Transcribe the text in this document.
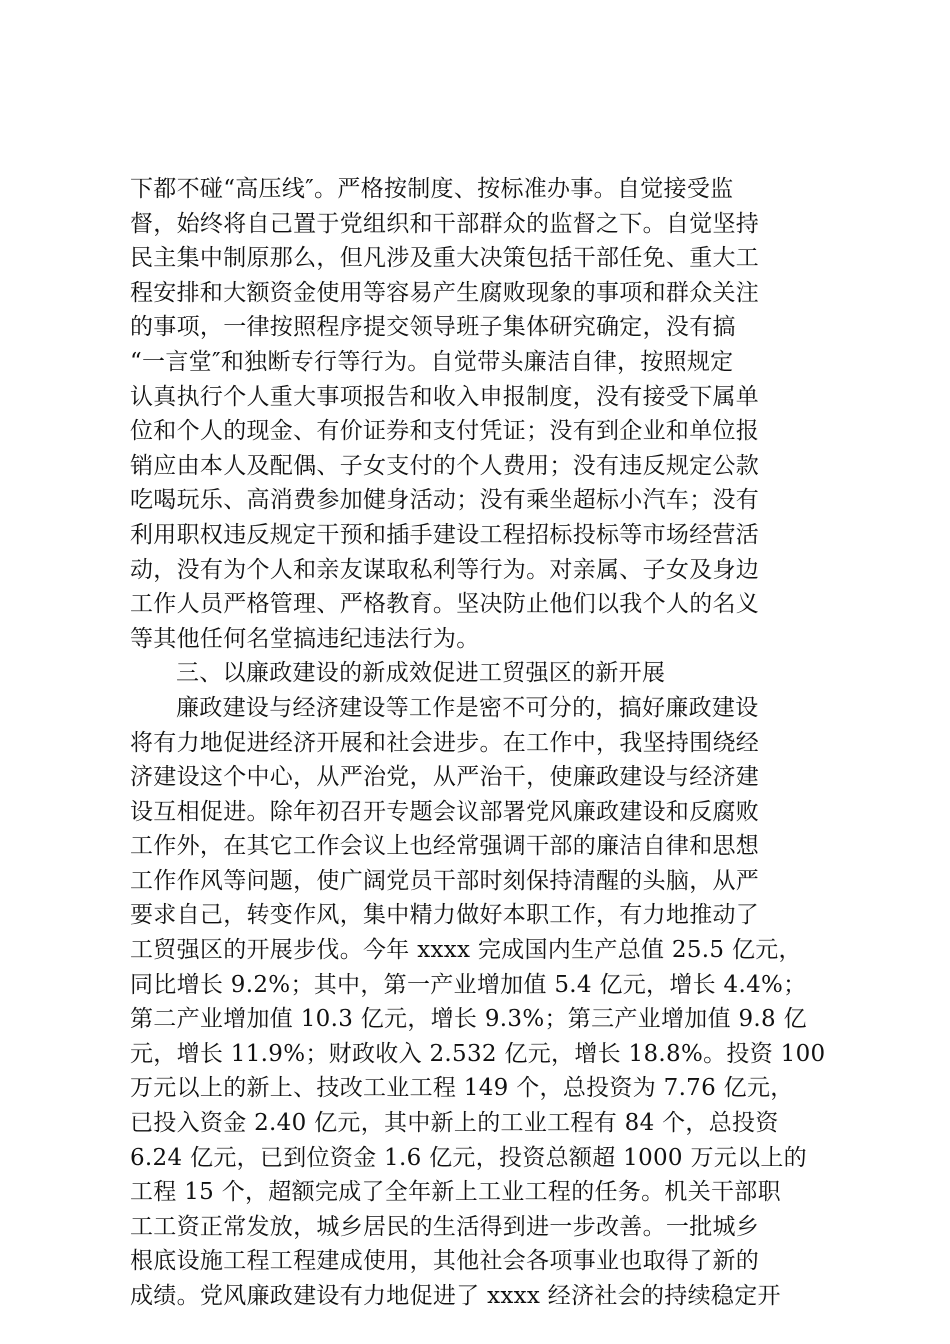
下都不碰“高压线″。严格按制度、按标准办事。自觉接受监
督，始终将自己置于党组织和干部群众的监督之下。自觉坚持
民主集中制原那么，但凡涉及重大决策包括干部任免、重大工
程安排和大额资金使用等容易产生腐败现象的事项和群众关注
的事项，一律按照程序提交领导班子集体研究确定，没有搞
“一言堂″和独断专行等行为。自觉带头廉洁自律，按照规定
认真执行个人重大事项报告和收入申报制度，没有接受下属单
位和个人的现金、有价证券和支付凭证；没有到企业和单位报
销应由本人及配偶、子女支付的个人费用；没有违反规定公款
吃喝玩乐、高消费参加健身活动；没有乘坐超标小汽车；没有
利用职权违反规定干预和插手建设工程招标投标等市场经营活
动，没有为个人和亲友谋取私利等行为。对亲属、子女及身边
工作人员严格管理、严格教育。坚决防止他们以我个人的名义
等其他任何名堂搞违纪违法行为。
三、以廉政建设的新成效促进工贸强区的新开展
廉政建设与经济建设等工作是密不可分的，搞好廉政建设
将有力地促进经济开展和社会进步。在工作中，我坚持围绕经
济建设这个中心，从严治党，从严治干，使廉政建设与经济建
设互相促进。除年初召开专题会议部署党风廉政建设和反腐败
工作外，在其它工作会议上也经常强调干部的廉洁自律和思想
工作作风等问题，使广阔党员干部时刻保持清醒的头脑，从严
要求自己，转变作风，集中精力做好本职工作，有力地推动了
工贸强区的开展步伐。今年 xxxx 完成国内生产总值 25.5 亿元，
同比增长 9.2%；其中，第一产业增加值 5.4 亿元，增长 4.4%；
第二产业增加值 10.3 亿元，增长 9.3%；第三产业增加值 9.8 亿
元，增长 11.9%；财政收入 2.532 亿元，增长 18.8%。投资 100
万元以上的新上、技改工业工程 149 个，总投资为 7.76 亿元，
已投入资金 2.40 亿元，其中新上的工业工程有 84 个，总投资
6.24 亿元，已到位资金 1.6 亿元，投资总额超 1000 万元以上的
工程 15 个，超额完成了全年新上工业工程的任务。机关干部职
工工资正常发放，城乡居民的生活得到进一步改善。一批城乡
根底设施工程工程建成使用，其他社会各项事业也取得了新的
成绩。党风廉政建设有力地促进了 xxxx 经济社会的持续稳定开
